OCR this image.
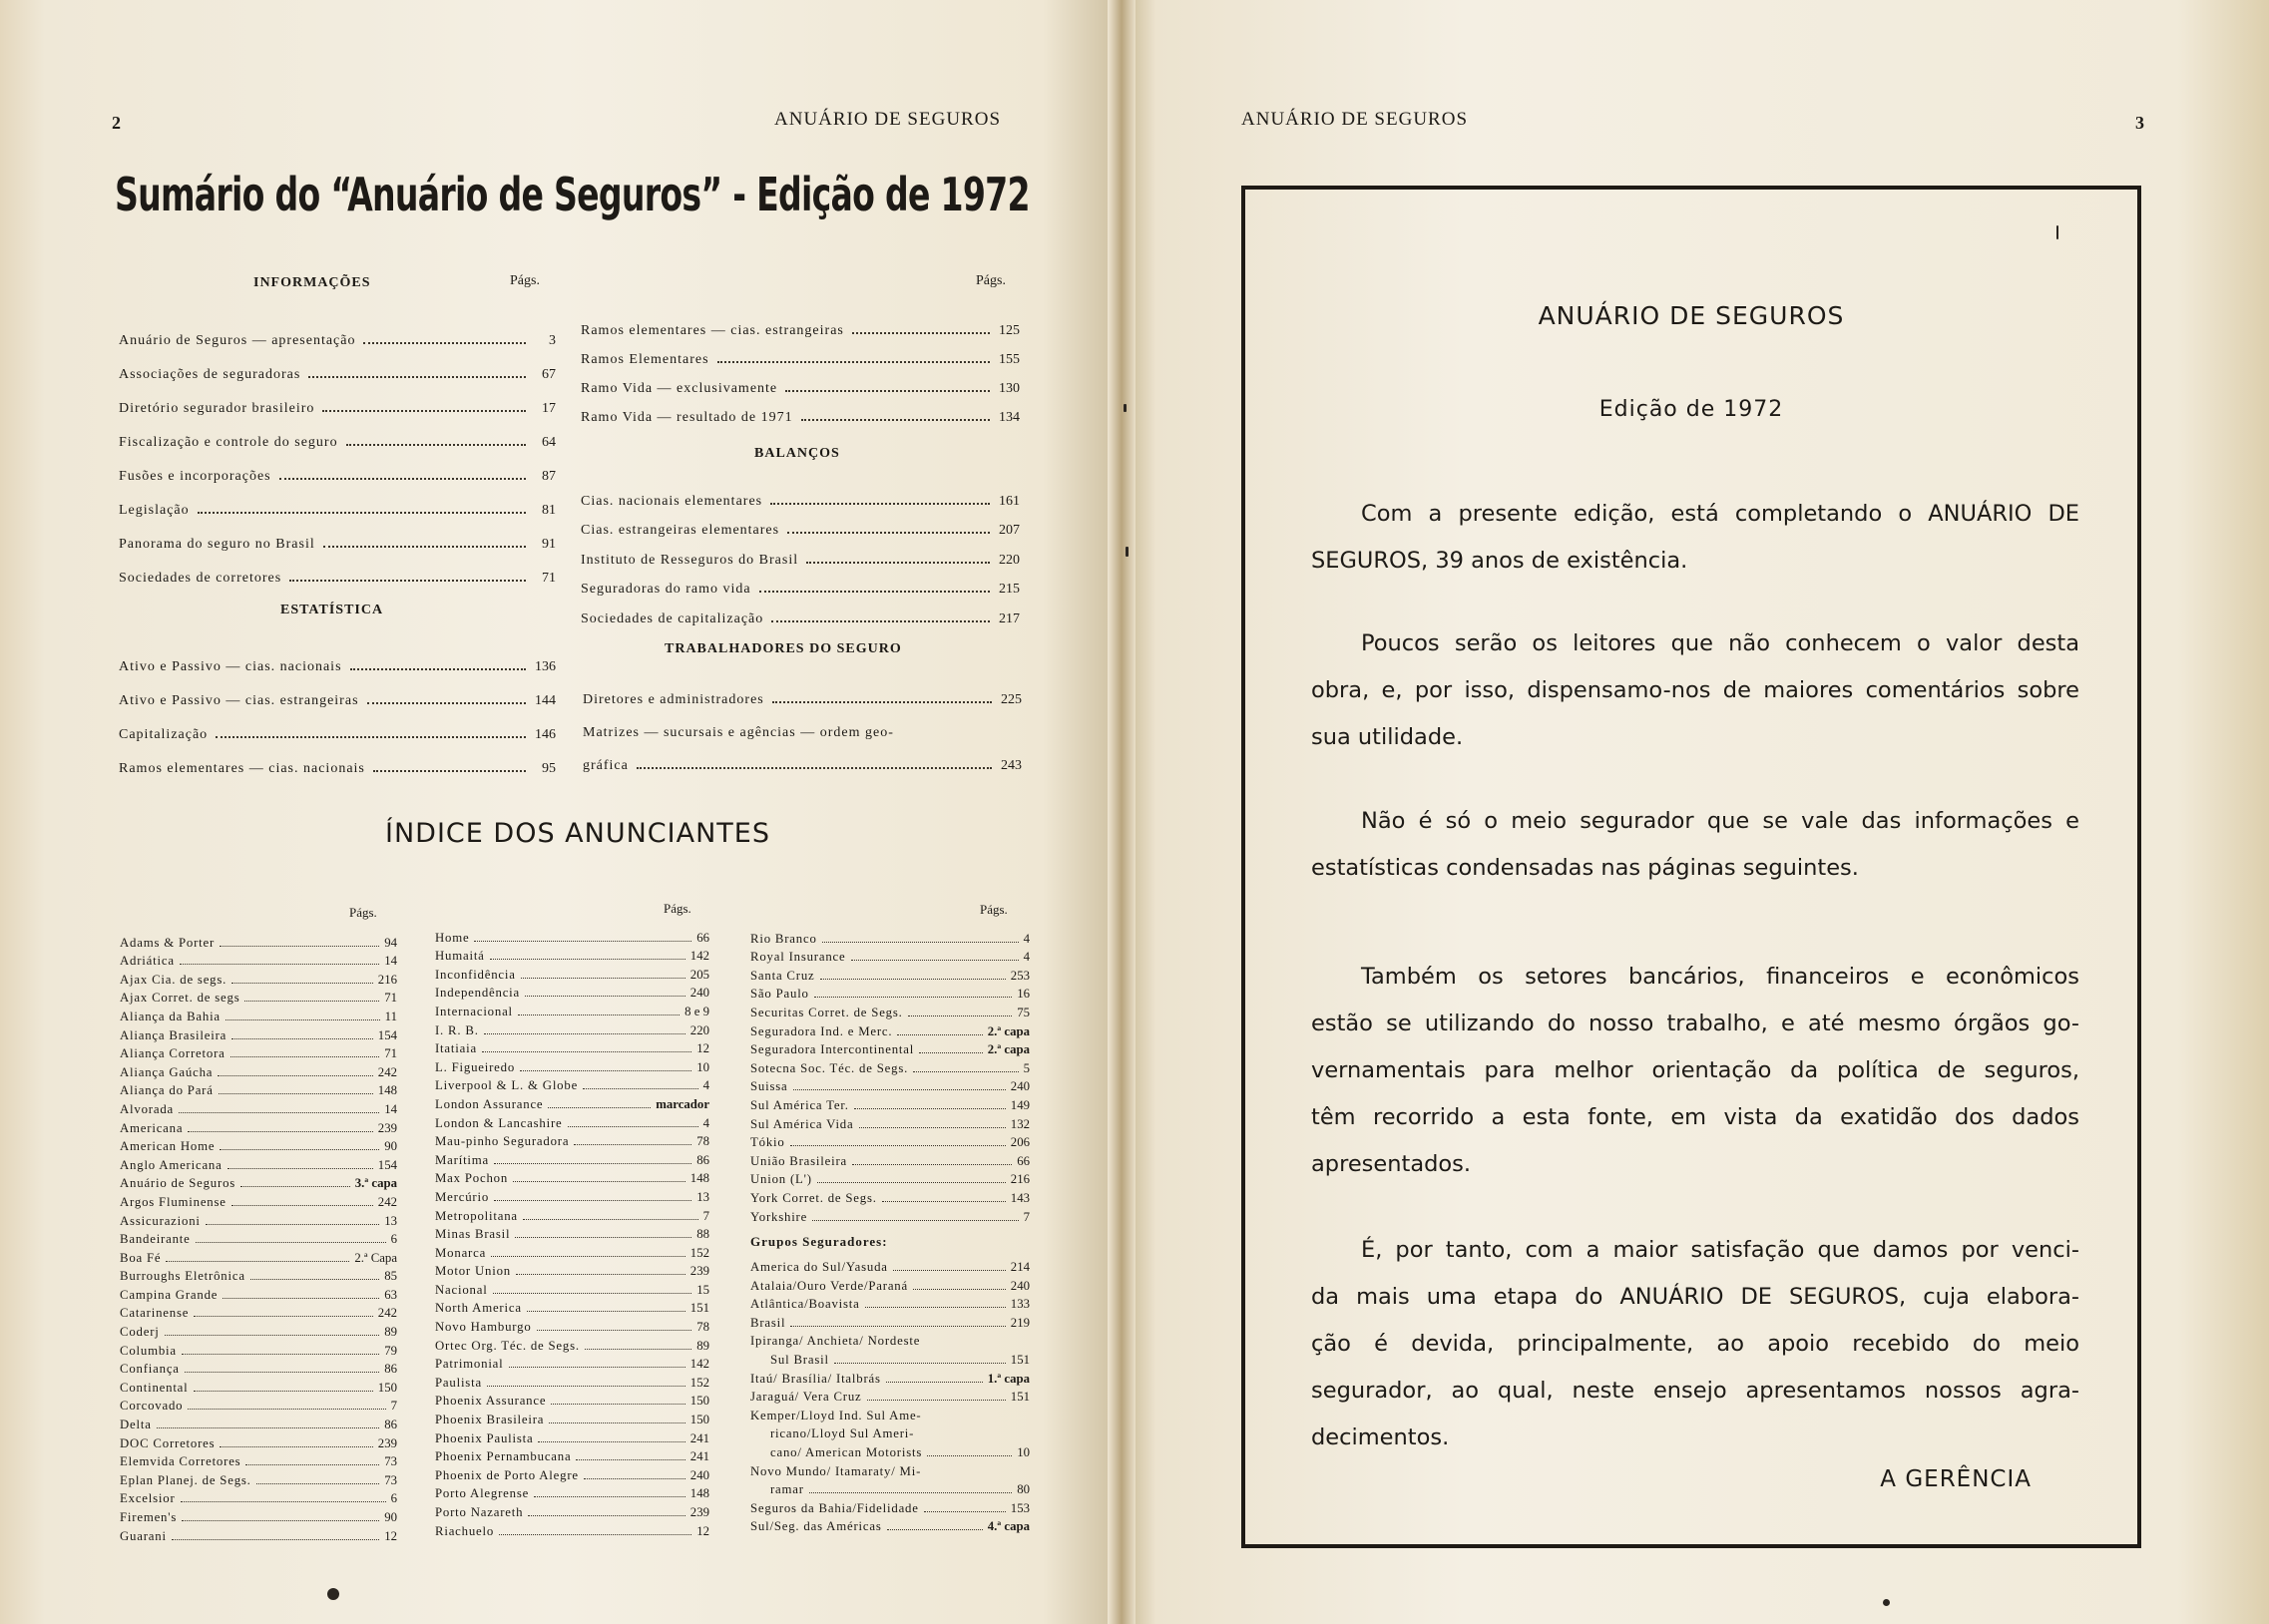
2	ANUÁRIO DE SEGUROS
Sumário do “Anuário de Seguros” - Edição de 1972
INFORMAÇÕES	Págs.	Págs.
Anuário de Seguros — apresentação	3
Associações de seguradoras	67
Diretório segurador brasileiro	17
Fiscalização e controle do seguro	64
Fusões e incorporações	87
Legislação	81
Panorama do seguro no Brasil	91
Sociedades de corretores	71
ESTATÍSTICA
Ativo e Passivo — cias. nacionais	136
Ativo e Passivo — cias. estrangeiras	144
Capitalização	146
Ramos elementares — cias. nacionais	95
Ramos elementares — cias. estrangeiras	125
Ramos Elementares	155
Ramo Vida — exclusivamente	130
Ramo Vida — resultado de 1971	134
BALANÇOS
Cias. nacionais elementares	161
Cias. estrangeiras elementares	207
Instituto de Resseguros do Brasil	220
Seguradoras do ramo vida	215
Sociedades de capitalização	217
TRABALHADORES DO SEGURO
Diretores e administradores	225
Matrizes — sucursais e agências — ordem geo-
gráfica	243
ÍNDICE DOS ANUNCIANTES
Págs.	Págs.	Págs.
Adams & Porter	94
Adriática	14
Ajax Cia. de segs.	216
Ajax Corret. de segs	71
Aliança da Bahia	11
Aliança Brasileira	154
Aliança Corretora	71
Aliança Gaúcha	242
Aliança do Pará	148
Alvorada	14
Americana	239
American Home	90
Anglo Americana	154
Anuário de Seguros	3.ª capa
Argos Fluminense	242
Assicurazioni	13
Bandeirante	6
Boa Fé	2.ª Capa
Burroughs Eletrônica	85
Campina Grande	63
Catarinense	242
Coderj	89
Columbia	79
Confiança	86
Continental	150
Corcovado	7
Delta	86
DOC Corretores	239
Elemvida Corretores	73
Eplan Planej. de Segs.	73
Excelsior	6
Firemen's	90
Guarani	12
Home	66
Humaitá	142
Inconfidência	205
Independência	240
Internacional	8 e 9
I. R. B.	220
Itatiaia	12
L. Figueiredo	10
Liverpool & L. & Globe	4
London Assurance	marcador
London & Lancashire	4
Mau-pinho Seguradora	78
Marítima	86
Max Pochon	148
Mercúrio	13
Metropolitana	7
Minas Brasil	88
Monarca	152
Motor Union	239
Nacional	15
North America	151
Novo Hamburgo	78
Ortec Org. Téc. de Segs.	89
Patrimonial	142
Paulista	152
Phoenix Assurance	150
Phoenix Brasileira	150
Phoenix Paulista	241
Phoenix Pernambucana	241
Phoenix de Porto Alegre	240
Porto Alegrense	148
Porto Nazareth	239
Riachuelo	12
Rio Branco	4
Royal Insurance	4
Santa Cruz	253
São Paulo	16
Securitas Corret. de Segs.	75
Seguradora Ind. e Merc.	2.ª capa
Seguradora Intercontinental	2.ª capa
Sotecna Soc. Téc. de Segs.	5
Suissa	240
Sul América Ter.	149
Sul América Vida	132
Tókio	206
União Brasileira	66
Union (L')	216
York Corret. de Segs.	143
Yorkshire	7
Grupos Seguradores:
America do Sul/Yasuda	214
Atalaia/Ouro Verde/Paraná	240
Atlântica/Boavista	133
Brasil	219
Ipiranga/ Anchieta/ Nordeste
Sul Brasil	151
Itaú/ Brasília/ Italbrás	1.ª capa
Jaraguá/ Vera Cruz	151
Kemper/Lloyd Ind. Sul Ame-
ricano/Lloyd Sul Ameri-
cano/ American Motorists	10
Novo Mundo/ Itamaraty/ Mi-
ramar	80
Seguros da Bahia/Fidelidade	153
Sul/Seg. das Américas	4.ª capa
ANUÁRIO DE SEGUROS	3
ANUÁRIO DE SEGUROS
Edição de 1972
Com a presente edição, está completando o ANUÁRIO DE
SEGUROS, 39 anos de existência.
Poucos serão os leitores que não conhecem o valor desta
obra, e, por isso, dispensamo-nos de maiores comentários sobre
sua utilidade.
Não é só o meio segurador que se vale das informações e
estatísticas condensadas nas páginas seguintes.
Também os setores bancários, financeiros e econômicos
estão se utilizando do nosso trabalho, e até mesmo órgãos go-
vernamentais para melhor orientação da política de seguros,
têm recorrido a esta fonte, em vista da exatidão dos dados
apresentados.
É, por tanto, com a maior satisfação que damos por venci-
da mais uma etapa do ANUÁRIO DE SEGUROS, cuja elabora-
ção é devida, principalmente, ao apoio recebido do meio
segurador, ao qual, neste ensejo apresentamos nossos agra-
decimentos.
A GERÊNCIA
